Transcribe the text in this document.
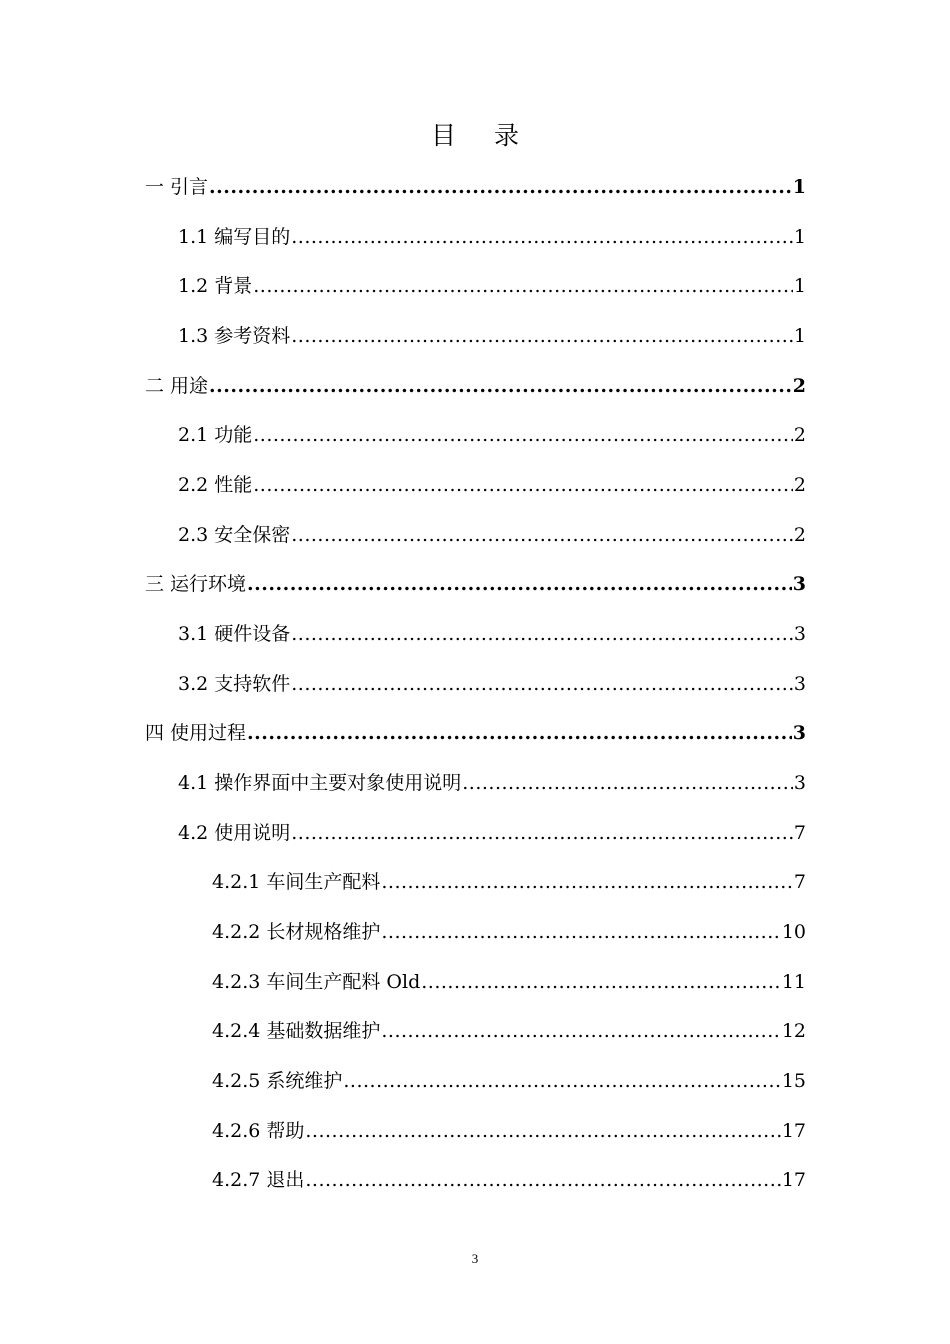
目 录
一 引言 .....	1
1.1 编写目的 .....	1
1.2 背景 .....	1
1.3 参考资料 .....	1
二 用途 .....	2
2.1 功能 .....	2
2.2 性能 .....	2
2.3 安全保密 .....	2
三 运行环境 .....	3
3.1 硬件设备 .....	3
3.2 支持软件 .....	3
四 使用过程 .....	3
4.1 操作界面中主要对象使用说明 .....	3
4.2 使用说明 .....	7
4.2.1 车间生产配料 .....	7
4.2.2 长材规格维护 .....	10
4.2.3 车间生产配料 Old .....	11
4.2.4 基础数据维护 .....	12
4.2.5 系统维护 .....	15
4.2.6 帮助 .....	17
4.2.7 退出 .....	17
3
